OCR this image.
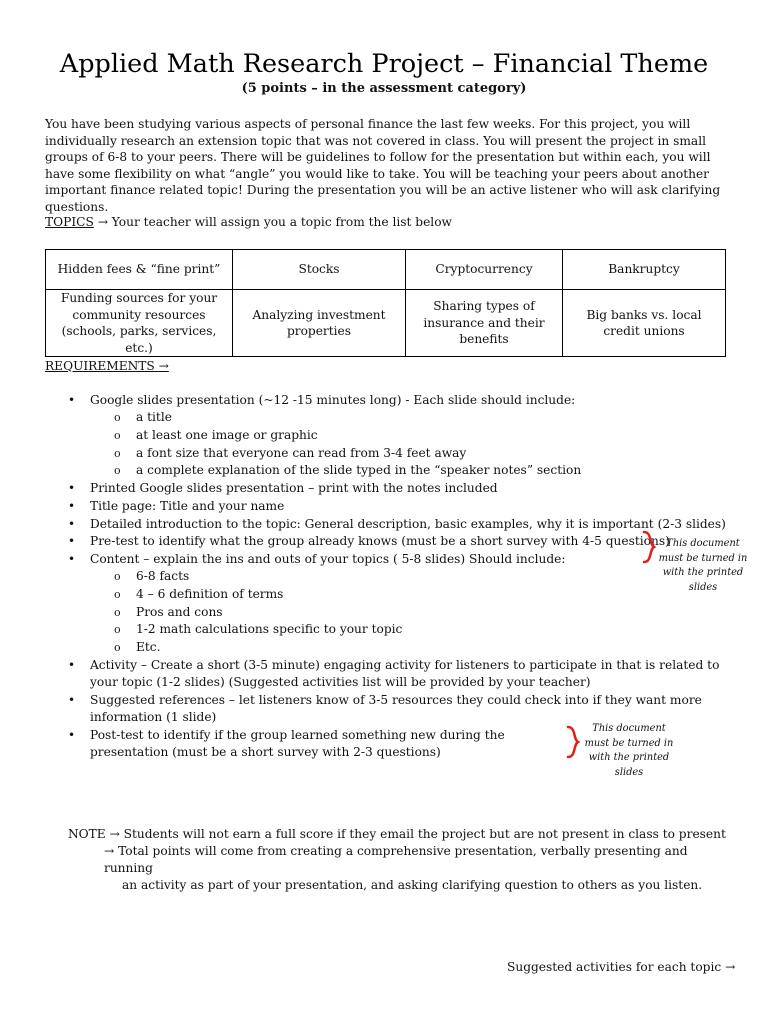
Applied Math Research Project – Financial Theme
(5 points – in the assessment category)
You have been studying various aspects of personal finance the last few weeks. For this project, you will individually research an extension topic that was not covered in class. You will present the project in small groups of 6-8 to your peers. There will be guidelines to follow for the presentation but within each, you will have some flexibility on what “angle” you would like to take. You will be teaching your peers about another important finance related topic! During the presentation you will be an active listener who will ask clarifying questions.
TOPICS → Your teacher will assign you a topic from the list below
Hidden fees & “fine print”	Stocks	Cryptocurrency	Bankruptcy
Funding sources for your community resources (schools, parks, services, etc.)	Analyzing investment properties	Sharing types of insurance and their benefits	Big banks vs. local credit unions
REQUIREMENTS →
• Google slides presentation (~12 -15 minutes long) - Each slide should include:
o a title
o at least one image or graphic
o a font size that everyone can read from 3-4 feet away
o a complete explanation of the slide typed in the “speaker notes” section
• Printed Google slides presentation – print with the notes included
• Title page: Title and your name
• Detailed introduction to the topic: General description, basic examples, why it is important (2-3 slides)
• Pre-test to identify what the group already knows (must be a short survey with 4-5 questions)
• Content – explain the ins and outs of your topics ( 5-8 slides) Should include:
o 6-8 facts
o 4 – 6 definition of terms
o Pros and cons
o 1-2 math calculations specific to your topic
o Etc.
• Activity – Create a short (3-5 minute) engaging activity for listeners to participate in that is related to your topic (1-2 slides) (Suggested activities list will be provided by your teacher)
• Suggested references – let listeners know of 3-5 resources they could check into if they want more information (1 slide)
• Post-test to identify if the group learned something new during the presentation (must be a short survey with 2-3 questions)
This document must be turned in with the printed slides
This document must be turned in with the printed slides
NOTE → Students will not earn a full score if they email the project but are not present in class to present
→ Total points will come from creating a comprehensive presentation, verbally presenting and running
an activity as part of your presentation, and asking clarifying question to others as you listen.
Suggested activities for each topic →
